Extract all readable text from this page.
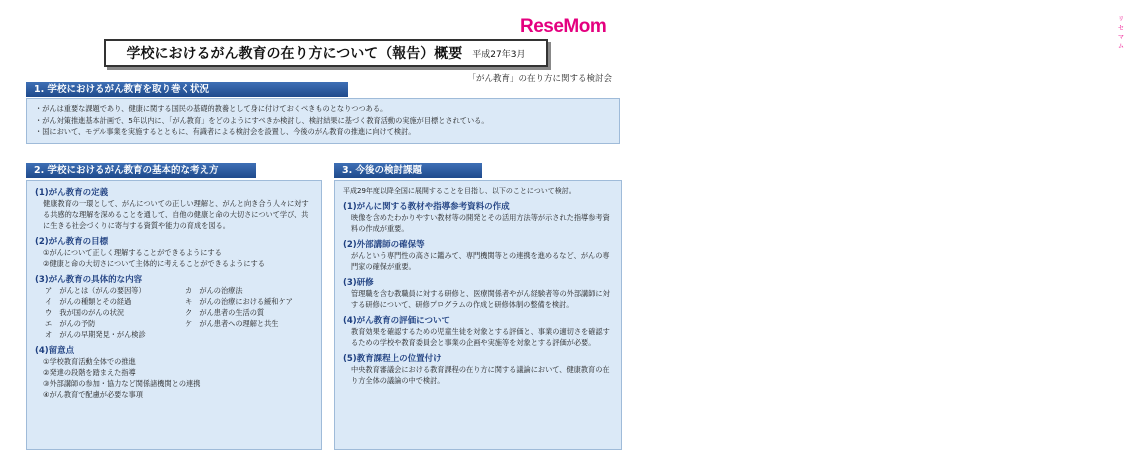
リセマム
ReseMom
学校におけるがん教育の在り方について（報告）概要 平成27年3月
「がん教育」の在り方に関する検討会
1. 学校におけるがん教育を取り巻く状況
・がんは重要な課題であり、健康に関する国民の基礎的教養として身に付けておくべきものとなりつつある。
・がん対策推進基本計画で、5年以内に、「がん教育」をどのようにすべきか検討し、検討結果に基づく教育活動の実施が目標とされている。
・国において、モデル事業を実施するとともに、有識者による検討会を設置し、今後のがん教育の推進に向けて検討。
2. 学校におけるがん教育の基本的な考え方
(1)がん教育の定義
健康教育の一環として、がんについての正しい理解と、がんと向き合う人々に対する共感的な理解を深めることを通して、自他の健康と命の大切さについて学び、共に生きる社会づくりに寄与する資質や能力の育成を図る。
(2)がん教育の目標
①がんについて正しく理解することができるようにする
②健康と命の大切さについて主体的に考えることができるようにする
(3)がん教育の具体的な内容
ア　がんとは（がんの要因等）	カ　がんの治療法
イ　がんの種類とその経過	キ　がんの治療における緩和ケア
ウ　我が国のがんの状況	ク　がん患者の生活の質
エ　がんの予防	ケ　がん患者への理解と共生
オ　がんの早期発見・がん検診
(4)留意点
①学校教育活動全体での推進
②発達の段階を踏まえた指導
③外部講師の参加・協力など関係諸機関との連携
④がん教育で配慮が必要な事項
3. 今後の検討課題
平成29年度以降全国に展開することを目指し、以下のことについて検討。
(1)がんに関する教材や指導参考資料の作成
映像を含めたわかりやすい教材等の開発とその活用方法等が示された指導参考資料の作成が重要。
(2)外部講師の確保等
がんという専門性の高さに鑑みて、専門機関等との連携を進めるなど、がんの専門家の確保が重要。
(3)研修
管理職を含む教職員に対する研修と、医療関係者やがん経験者等の外部講師に対する研修について、研修プログラムの作成と研修体制の整備を検討。
(4)がん教育の評価について
教育効果を確認するための児童生徒を対象とする評価と、事業の適切さを確認するための学校や教育委員会と事業の企画や実施等を対象とする評価が必要。
(5)教育課程上の位置付け
中央教育審議会における教育課程の在り方に関する議論において、健康教育の在り方全体の議論の中で検討。
